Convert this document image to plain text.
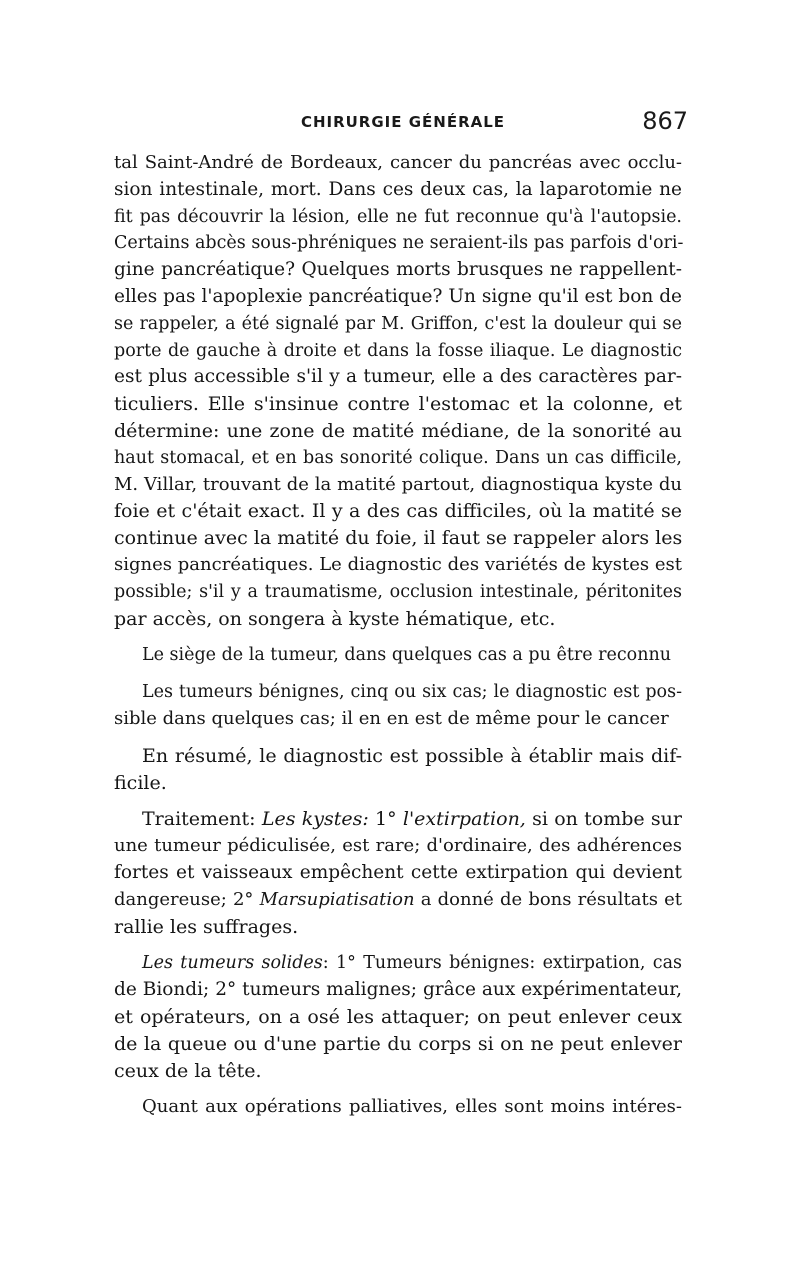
CHIRURGIE GÉNÉRALE	867
tal Saint-André de Bordeaux, cancer du pancréas avec occlu-
sion intestinale, mort. Dans ces deux cas, la laparotomie ne
fit pas découvrir la lésion, elle ne fut reconnue qu'à l'autopsie.
Certains abcès sous-phréniques ne seraient-ils pas parfois d'ori-
gine pancréatique? Quelques morts brusques ne rappellent-
elles pas l'apoplexie pancréatique? Un signe qu'il est bon de
se rappeler, a été signalé par M. Griffon, c'est la douleur qui se
porte de gauche à droite et dans la fosse iliaque. Le diagnostic
est plus accessible s'il y a tumeur, elle a des caractères par-
ticuliers. Elle s'insinue contre l'estomac et la colonne, et
détermine: une zone de matité médiane, de la sonorité au
haut stomacal, et en bas sonorité colique. Dans un cas difficile,
M. Villar, trouvant de la matité partout, diagnostiqua kyste du
foie et c'était exact. Il y a des cas difficiles, où la matité se
continue avec la matité du foie, il faut se rappeler alors les
signes pancréatiques. Le diagnostic des variétés de kystes est
possible; s'il y a traumatisme, occlusion intestinale, péritonites
par accès, on songera à kyste hématique, etc.
Le siège de la tumeur, dans quelques cas a pu être reconnu
Les tumeurs bénignes, cinq ou six cas; le diagnostic est pos-
sible dans quelques cas; il en en est de même pour le cancer
En résumé, le diagnostic est possible à établir mais dif-
ficile.
Traitement: Les kystes: 1° l'extirpation, si on tombe sur
une tumeur pédiculisée, est rare; d'ordinaire, des adhérences
fortes et vaisseaux empêchent cette extirpation qui devient
dangereuse; 2° Marsupiatisation a donné de bons résultats et
rallie les suffrages.
Les tumeurs solides: 1° Tumeurs bénignes: extirpation, cas
de Biondi; 2° tumeurs malignes; grâce aux expérimentateur,
et opérateurs, on a osé les attaquer; on peut enlever ceux
de la queue ou d'une partie du corps si on ne peut enlever
ceux de la tête.
Quant aux opérations palliatives, elles sont moins intéres-
